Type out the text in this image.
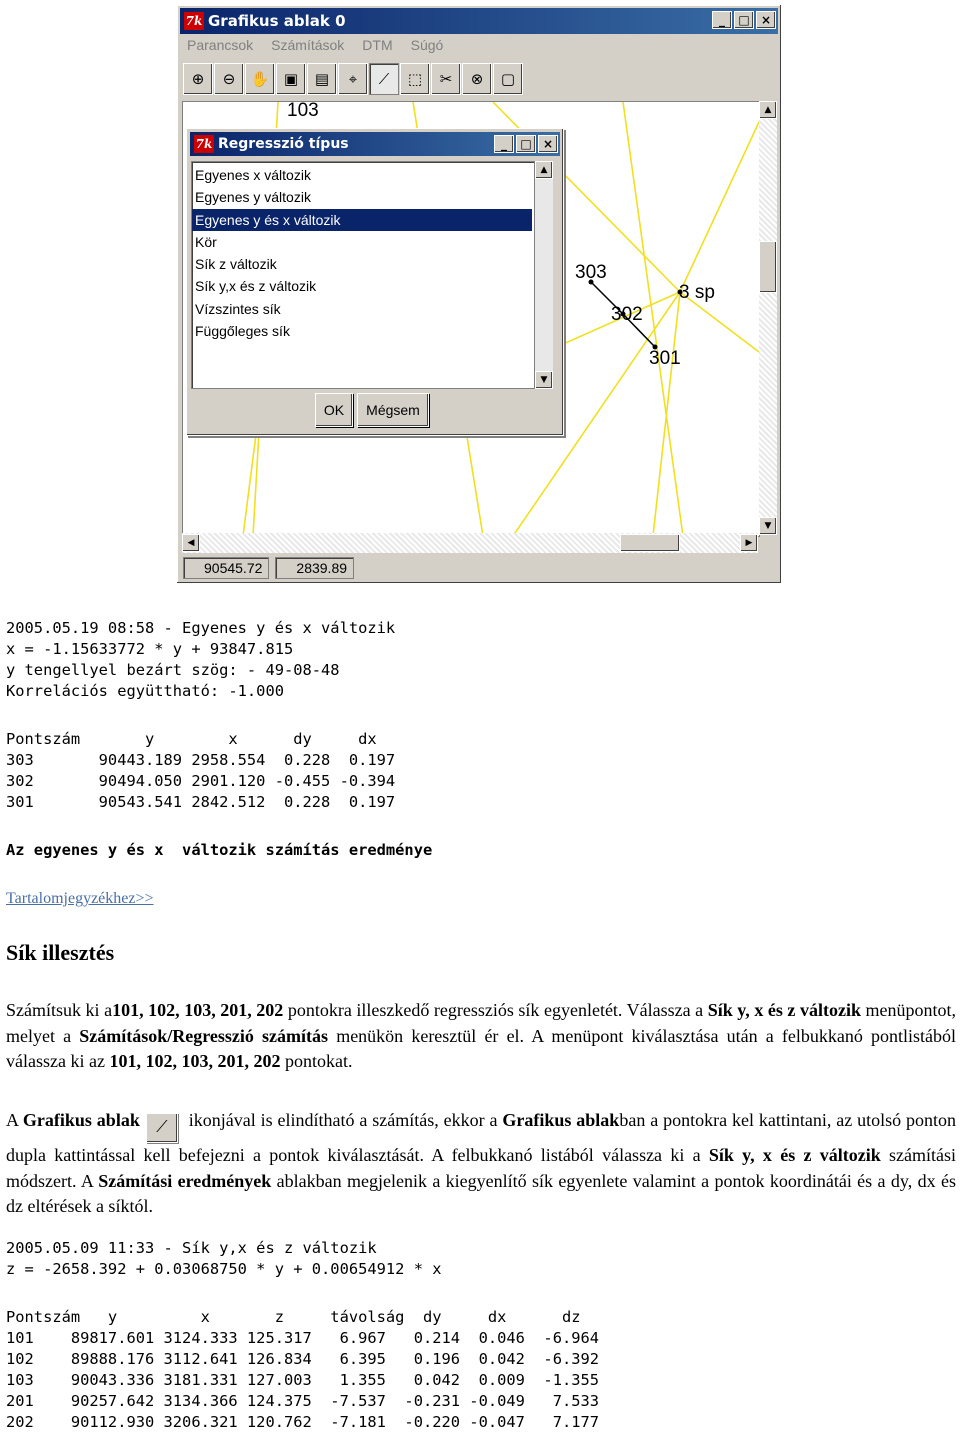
7k Grafikus ablak 0	_	□ ×
Parancsok Számítások DTM Súgó
⊕	⊖	✋ ▣	▤	⌖	⟋	⬚	✂	⊗	▢
103
303
3 sp
302
301
▲
▼
◀	▶
90545.72	2839.89
7k Regresszió típus	_	□ ×
Egyenes x változik
Egyenes y változik
Egyenes y és x változik
Kör
Sík z változik
Sík y,x és z változik
Vízszintes sík
Függőleges sík
▲
▼
OK	Mégsem
2005.05.19 08:58 - Egyenes y és x változik
x = -1.15633772 * y + 93847.815
y tengellyel bezárt szög: - 49-08-48
Korrelációs együttható: -1.000
Pontszám       y        x      dy     dx
303       90443.189 2958.554  0.228  0.197
302       90494.050 2901.120 -0.455 -0.394
301       90543.541 2842.512  0.228  0.197
Az egyenes y és x  változik számítás eredménye
Tartalomjegyzékhez>>
Sík illesztés
Számítsuk ki a101, 102, 103, 201, 202 pontokra illeszkedő regressziós sík egyenletét. Válassza a Sík y, x és z változik menüpontot, melyet a Számítások/Regresszió számítás menükön keresztül ér el. A menüpont kiválasztása után a felbukkanó pontlistából válassza ki az 101, 102, 103, 201, 202 pontokat.
A Grafikus ablak ⟋ ikonjával is elindítható a számítás, ekkor a Grafikus ablakban a pontokra kel kattintani, az utolsó ponton dupla kattintással kell befejezni a pontok kiválasztását. A felbukkanó listából válassza ki a Sík y, x és z változik számítási módszert. A Számítási eredmények ablakban megjelenik a kiegyenlítő sík egyenlete valamint a pontok koordinátái és a dy, dx és dz eltérések a síktól.
2005.05.09 11:33 - Sík y,x és z változik
z = -2658.392 + 0.03068750 * y + 0.00654912 * x
Pontszám   y         x       z     távolság  dy     dx      dz
101    89817.601 3124.333 125.317   6.967   0.214  0.046  -6.964
102    89888.176 3112.641 126.834   6.395   0.196  0.042  -6.392
103    90043.336 3181.331 127.003   1.355   0.042  0.009  -1.355
201    90257.642 3134.366 124.375  -7.537  -0.231 -0.049   7.533
202    90112.930 3206.321 120.762  -7.181  -0.220 -0.047   7.177
